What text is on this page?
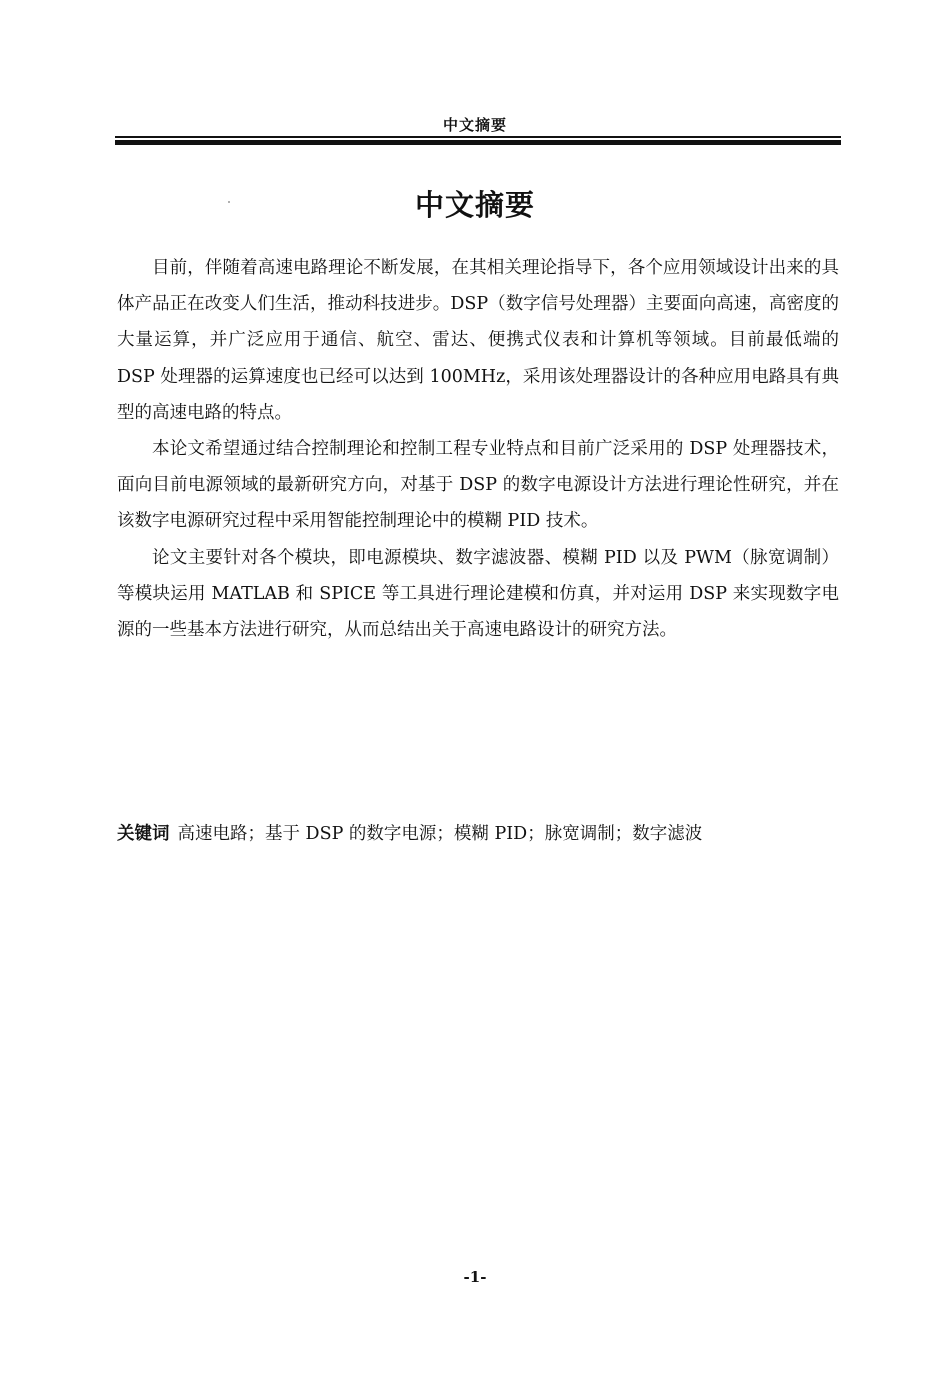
中文摘要
中文摘要

目前，伴随着高速电路理论不断发展，在其相关理论指导下，各个应用领域设计出来的具体产品正在改变人们生活，推动科技进步。DSP（数字信号处理器）主要面向高速，高密度的大量运算，并广泛应用于通信、航空、雷达、便携式仪表和计算机等领域。目前最低端的 DSP 处理器的运算速度也已经可以达到 100MHz，采用该处理器设计的各种应用电路具有典型的高速电路的特点。

本论文希望通过结合控制理论和控制工程专业特点和目前广泛采用的 DSP 处理器技术，面向目前电源领域的最新研究方向，对基于 DSP 的数字电源设计方法进行理论性研究，并在该数字电源研究过程中采用智能控制理论中的模糊 PID 技术。

论文主要针对各个模块，即电源模块、数字滤波器、模糊 PID 以及 PWM（脉宽调制）等模块运用 MATLAB 和 SPICE 等工具进行理论建模和仿真，并对运用 DSP 来实现数字电源的一些基本方法进行研究，从而总结出关于高速电路设计的研究方法。

关键词 高速电路；基于 DSP 的数字电源；模糊 PID；脉宽调制；数字滤波
-1-
